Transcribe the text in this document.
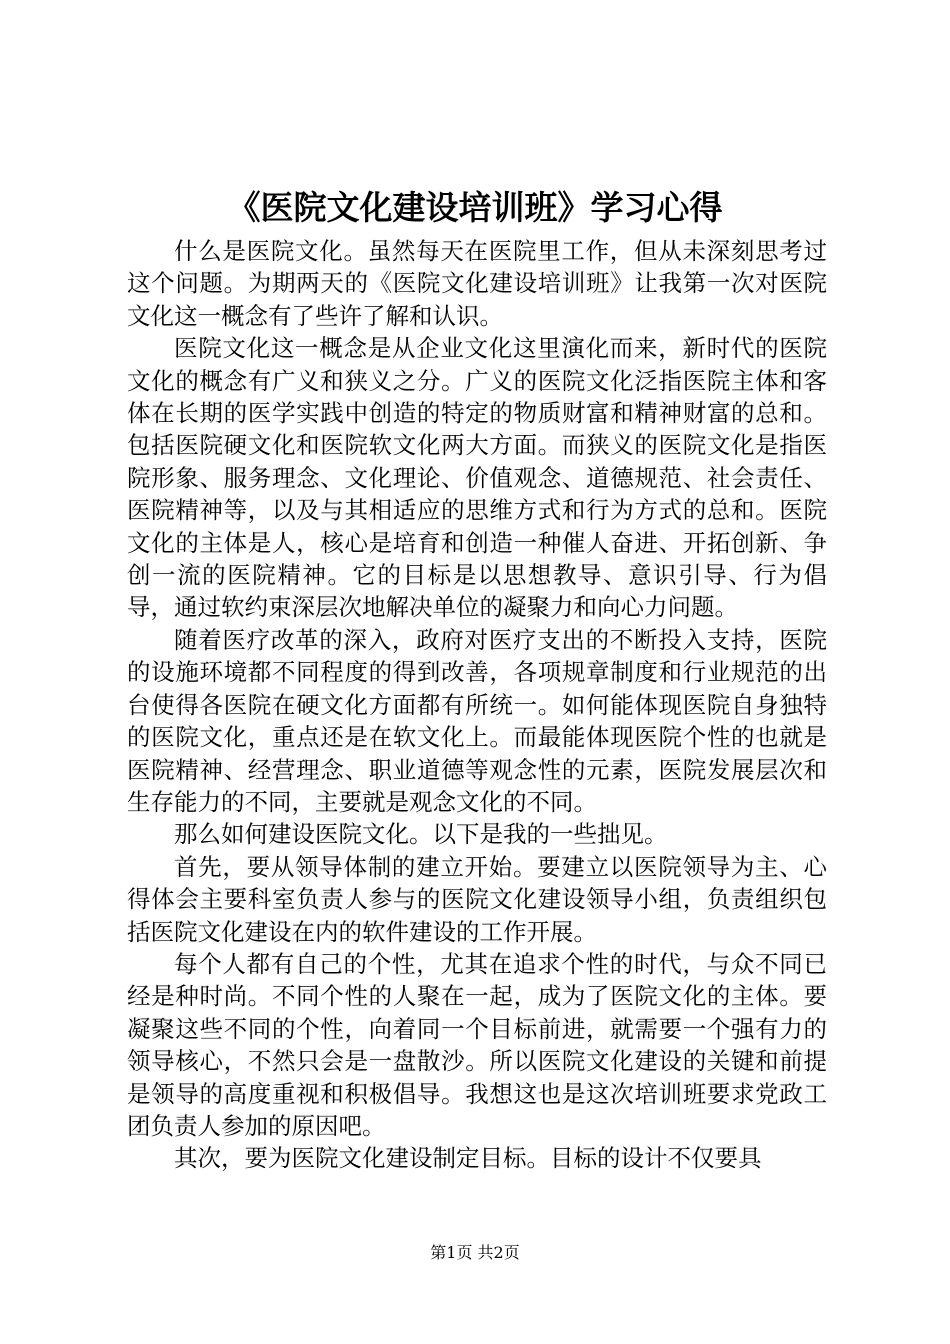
《医院文化建设培训班》学习心得

什么是医院文化。虽然每天在医院里工作，但从未深刻思考过这个问题。为期两天的《医院文化建设培训班》让我第一次对医院文化这一概念有了些许了解和认识。

医院文化这一概念是从企业文化这里演化而来，新时代的医院文化的概念有广义和狭义之分。广义的医院文化泛指医院主体和客体在长期的医学实践中创造的特定的物质财富和精神财富的总和。包括医院硬文化和医院软文化两大方面。而狭义的医院文化是指医院形象、服务理念、文化理论、价值观念、道德规范、社会责任、医院精神等，以及与其相适应的思维方式和行为方式的总和。医院文化的主体是人，核心是培育和创造一种催人奋进、开拓创新、争创一流的医院精神。它的目标是以思想教导、意识引导、行为倡导，通过软约束深层次地解决单位的凝聚力和向心力问题。

随着医疗改革的深入，政府对医疗支出的不断投入支持，医院的设施环境都不同程度的得到改善，各项规章制度和行业规范的出台使得各医院在硬文化方面都有所统一。如何能体现医院自身独特的医院文化，重点还是在软文化上。而最能体现医院个性的也就是医院精神、经营理念、职业道德等观念性的元素，医院发展层次和生存能力的不同，主要就是观念文化的不同。

那么如何建设医院文化。以下是我的一些拙见。

首先，要从领导体制的建立开始。要建立以医院领导为主、心得体会主要科室负责人参与的医院文化建设领导小组，负责组织包括医院文化建设在内的软件建设的工作开展。

每个人都有自己的个性，尤其在追求个性的时代，与众不同已经是种时尚。不同个性的人聚在一起，成为了医院文化的主体。要凝聚这些不同的个性，向着同一个目标前进，就需要一个强有力的领导核心，不然只会是一盘散沙。所以医院文化建设的关键和前提是领导的高度重视和积极倡导。我想这也是这次培训班要求党政工团负责人参加的原因吧。

其次，要为医院文化建设制定目标。目标的设计不仅要具

第1页 共2页
